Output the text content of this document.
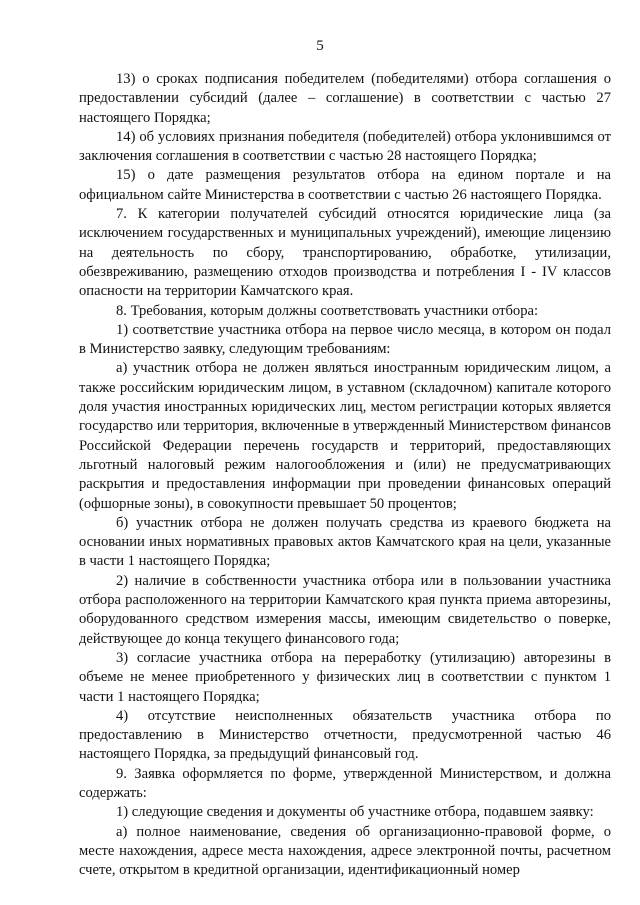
5

13) о сроках подписания победителем (победителями) отбора соглашения о предоставлении субсидий (далее – соглашение) в соответствии с частью 27 настоящего Порядка;

14) об условиях признания победителя (победителей) отбора уклонившимся от заключения соглашения в соответствии с частью 28 настоящего Порядка;

15) о дате размещения результатов отбора на едином портале и на официальном сайте Министерства в соответствии с частью 26 настоящего Порядка.

7. К категории получателей субсидий относятся юридические лица (за исключением государственных и муниципальных учреждений), имеющие лицензию на деятельность по сбору, транспортированию, обработке, утилизации, обезвреживанию, размещению отходов производства и потребления I - IV классов опасности на территории Камчатского края.

8. Требования, которым должны соответствовать участники отбора:

1) соответствие участника отбора на первое число месяца, в котором он подал в Министерство заявку, следующим требованиям:

а) участник отбора не должен являться иностранным юридическим лицом, а также российским юридическим лицом, в уставном (складочном) капитале которого доля участия иностранных юридических лиц, местом регистрации которых является государство или территория, включенные в утвержденный Министерством финансов Российской Федерации перечень государств и территорий, предоставляющих льготный налоговый режим налогообложения и (или) не предусматривающих раскрытия и предоставления информации при проведении финансовых операций (офшорные зоны), в совокупности превышает 50 процентов;

б) участник отбора не должен получать средства из краевого бюджета на основании иных нормативных правовых актов Камчатского края на цели, указанные в части 1 настоящего Порядка;

2) наличие в собственности участника отбора или в пользовании участника отбора расположенного на территории Камчатского края пункта приема авторезины, оборудованного средством измерения массы, имеющим свидетельство о поверке, действующее до конца текущего финансового года;

3) согласие участника отбора на переработку (утилизацию) авторезины в объеме не менее приобретенного у физических лиц в соответствии с пунктом 1 части 1 настоящего Порядка;

4) отсутствие неисполненных обязательств участника отбора по предоставлению в Министерство отчетности, предусмотренной частью 46 настоящего Порядка, за предыдущий финансовый год.

9. Заявка оформляется по форме, утвержденной Министерством, и должна содержать:

1) следующие сведения и документы об участнике отбора, подавшем заявку:

а) полное наименование, сведения об организационно-правовой форме, о месте нахождения, адресе места нахождения, адресе электронной почты, расчетном счете, открытом в кредитной организации, идентификационный номер
